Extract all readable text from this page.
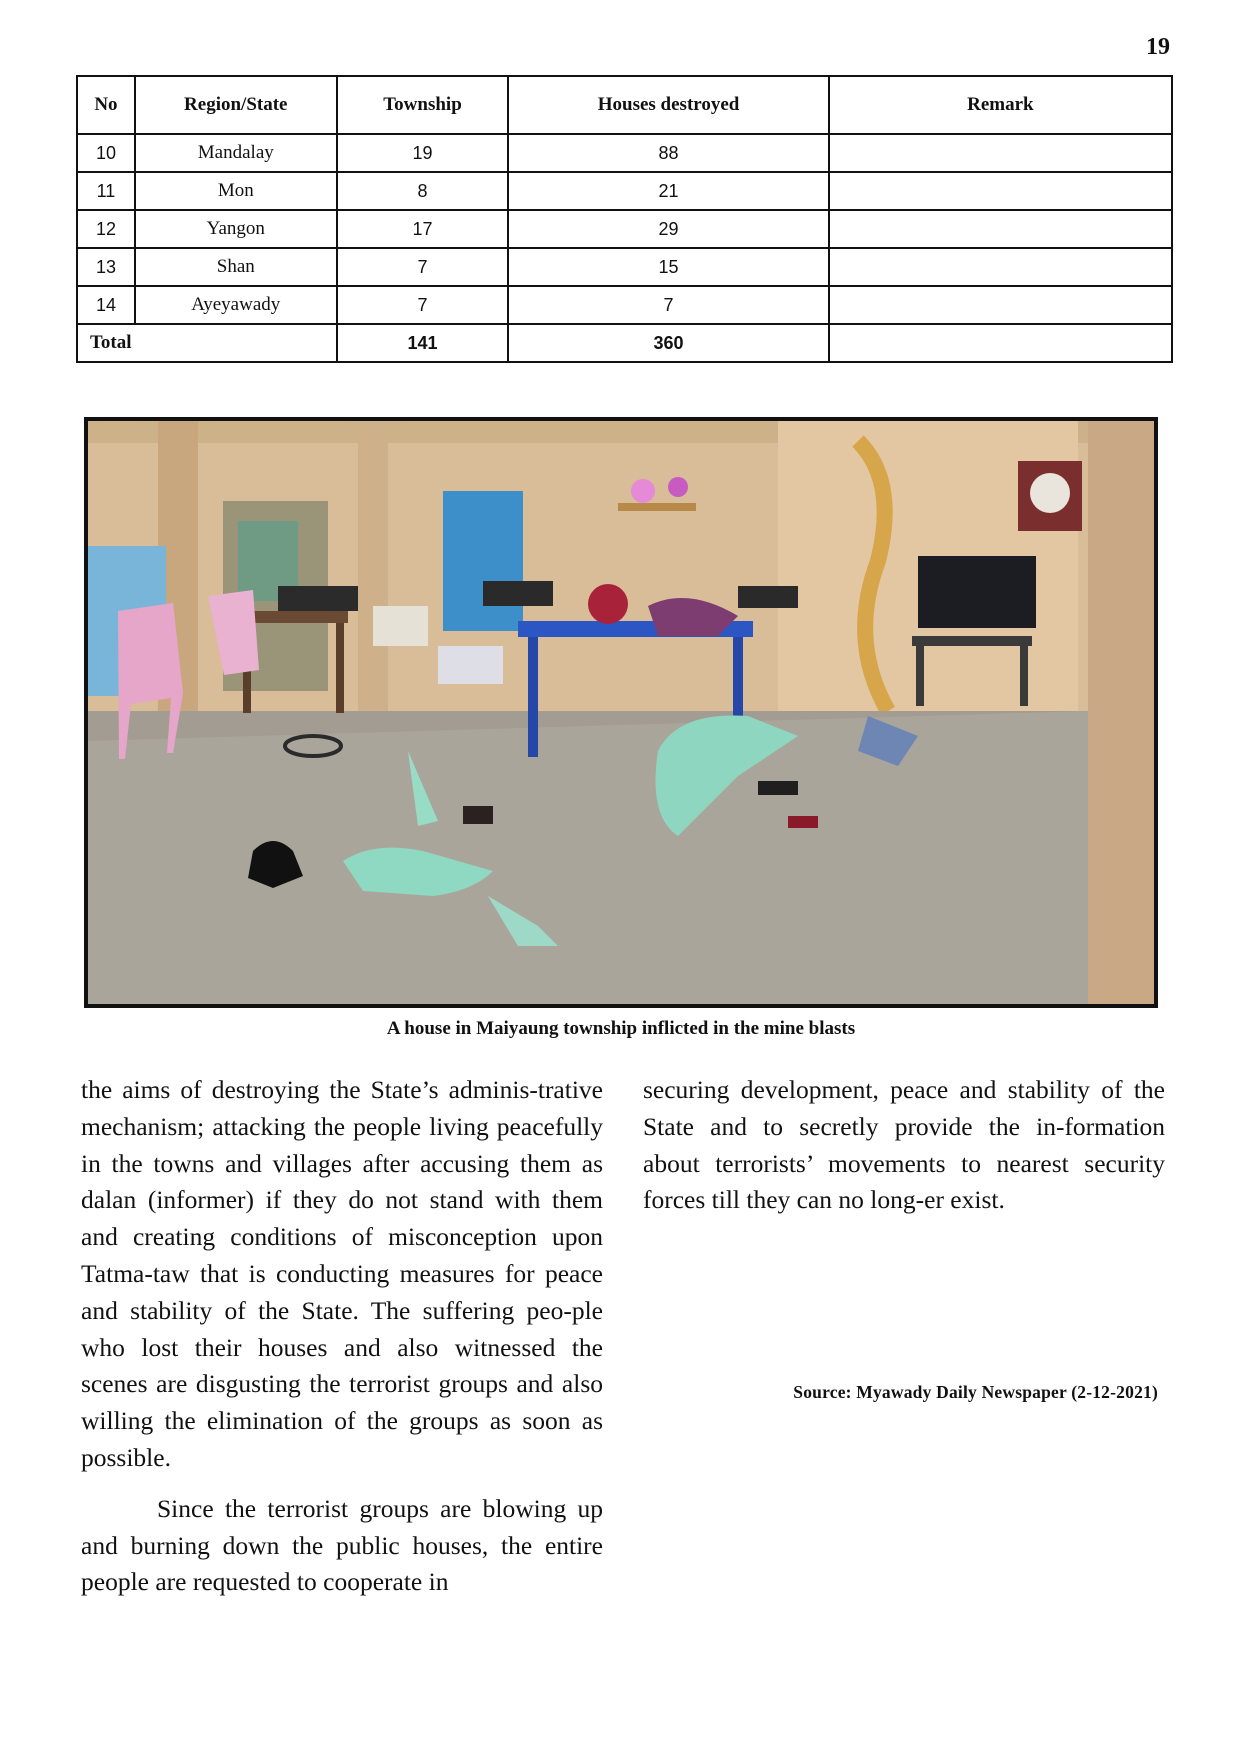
19
No	Region/State	Township	Houses destroyed	Remark
10	Mandalay	19	88	
11	Mon	8	21	
12	Yangon	17	29	
13	Shan	7	15	
14	Ayeyawady	7	7	
Total		141	360	
A house in Maiyaung township inflicted in the mine blasts

the aims of destroying the State’s adminis-trative mechanism; attacking the people living peacefully in the towns and villages after accusing them as dalan (informer) if they do not stand with them and creating conditions of misconception upon Tatma-taw that is conducting measures for peace and stability of the State. The suffering peo-ple who lost their houses and also witnessed the scenes are disgusting the terrorist groups and also willing the elimination of the groups as soon as possible.

Since the terrorist groups are blowing up and burning down the public houses, the entire people are requested to cooperate in

securing development, peace and stability of the State and to secretly provide the in-formation about terrorists’ movements to nearest security forces till they can no long-er exist.

Source: Myawady Daily Newspaper (2-12-2021)
